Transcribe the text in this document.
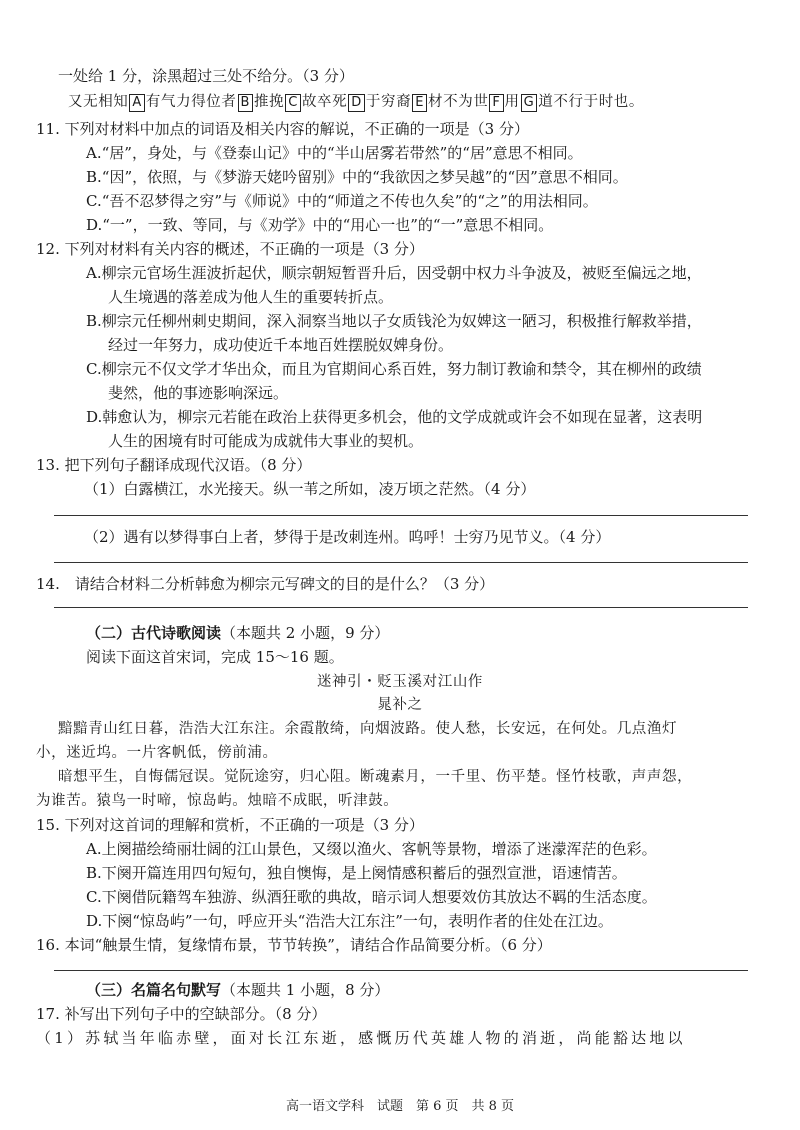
一处给 1 分，涂黑超过三处不给分。（3 分）
又无相知 A 有气力得位者 B 推挽 C 故卒死 D 于穷裔 E 材不为世 F 用 G 道不行于时也。
11. 下列对材料中加点的词语及相关内容的解说，不正确的一项是（3 分）
A.“居”，身处，与《登泰山记》中的“半山居雾若带然”的“居”意思不相同。
B.“因”，依照，与《梦游天姥吟留别》中的“我欲因之梦吴越”的“因”意思不相同。
C.“吾不忍梦得之穷”与《师说》中的“师道之不传也久矣”的“之”的用法相同。
D.“一”，一致、等同，与《劝学》中的“用心一也”的“一”意思不相同。
12. 下列对材料有关内容的概述，不正确的一项是（3 分）
A.柳宗元官场生涯波折起伏，顺宗朝短暂晋升后，因受朝中权力斗争波及，被贬至偏远之地，
人生境遇的落差成为他人生的重要转折点。
B.柳宗元任柳州刺史期间，深入洞察当地以子女质钱沦为奴婢这一陋习，积极推行解救举措，
经过一年努力，成功使近千本地百姓摆脱奴婢身份。
C.柳宗元不仅文学才华出众，而且为官期间心系百姓，努力制订教谕和禁令，其在柳州的政绩
斐然，他的事迹影响深远。
D.韩愈认为，柳宗元若能在政治上获得更多机会，他的文学成就或许会不如现在显著，这表明
人生的困境有时可能成为成就伟大事业的契机。
13. 把下列句子翻译成现代汉语。（8 分）
（1）白露横江，水光接天。纵一苇之所如，凌万顷之茫然。（4 分）
（2）遇有以梦得事白上者，梦得于是改刺连州。呜呼！士穷乃见节义。（4 分）
14.　请结合材料二分析韩愈为柳宗元写碑文的目的是什么？（3 分）
（二）古代诗歌阅读（本题共 2 小题，9 分）
阅读下面这首宋词，完成 15～16 题。
迷神引・贬玉溪对江山作
晁补之
黯黯青山红日暮，浩浩大江东注。余霞散绮，向烟波路。使人愁，长安远，在何处。几点渔灯
小，迷近坞。一片客帆低，傍前浦。
暗想平生，自悔儒冠误。觉阮途穷，归心阻。断魂素月，一千里、伤平楚。怪竹枝歌，声声怨，
为谁苦。猿鸟一时啼，惊岛屿。烛暗不成眠，听津鼓。
15. 下列对这首词的理解和赏析，不正确的一项是（3 分）
A.上阕描绘绮丽壮阔的江山景色，又缀以渔火、客帆等景物，增添了迷濛浑茫的色彩。
B.下阕开篇连用四句短句，独自懊悔，是上阕情感积蓄后的强烈宣泄，语速情苦。
C.下阕借阮籍驾车独游、纵酒狂歌的典故，暗示词人想要效仿其放达不羁的生活态度。
D.下阕“惊岛屿”一句，呼应开头“浩浩大江东注”一句，表明作者的住处在江边。
16. 本词“触景生情，复缘情布景，节节转换”，请结合作品简要分析。（6 分）
（三）名篇名句默写（本题共 1 小题，8 分）
17. 补写出下列句子中的空缺部分。（8 分）
（1）苏轼当年临赤壁，面对长江东逝，感慨历代英雄人物的消逝，尚能豁达地以
高一语文学科　试题　第 6 页　共 8 页
